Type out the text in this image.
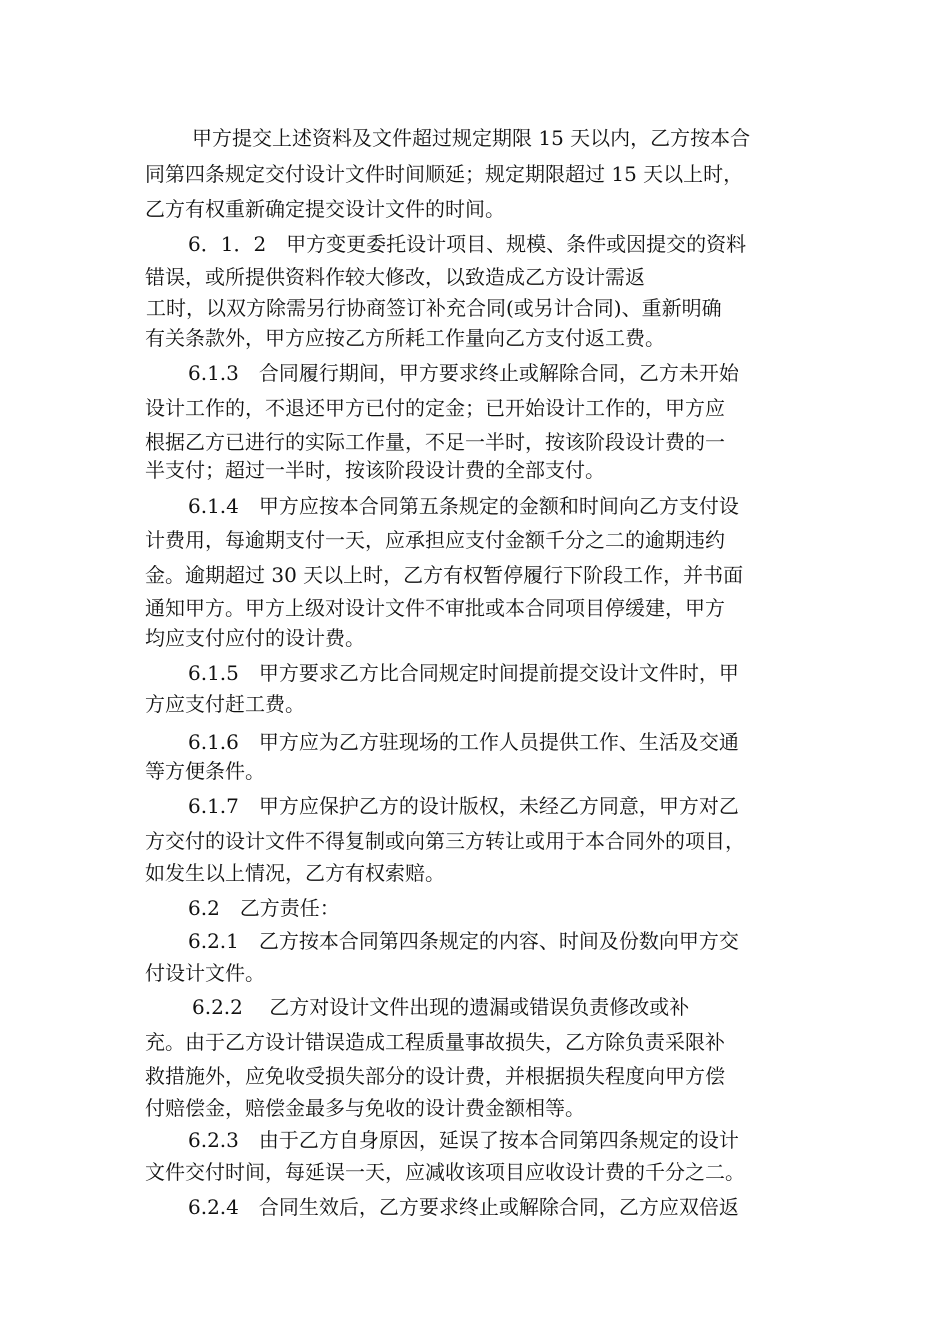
甲方提交上述资料及文件超过规定期限 15 天以内，乙方按本合
同第四条规定交付设计文件时间顺延；规定期限超过 15 天以上时，
乙方有权重新确定提交设计文件的时间。
6．1．2　甲方变更委托设计项目、规模、条件或因提交的资料
错误，或所提供资料作较大修改，以致造成乙方设计需返
工时，以双方除需另行协商签订补充合同(或另计合同)、重新明确
有关条款外，甲方应按乙方所耗工作量向乙方支付返工费。
6.1.3　合同履行期间，甲方要求终止或解除合同，乙方未开始
设计工作的，不退还甲方已付的定金；已开始设计工作的，甲方应
根据乙方已进行的实际工作量，不足一半时，按该阶段设计费的一
半支付；超过一半时，按该阶段设计费的全部支付。
6.1.4　甲方应按本合同第五条规定的金额和时间向乙方支付设
计费用，每逾期支付一天，应承担应支付金额千分之二的逾期违约
金。逾期超过 30 天以上时，乙方有权暂停履行下阶段工作，并书面
通知甲方。甲方上级对设计文件不审批或本合同项目停缓建，甲方
均应支付应付的设计费。
6.1.5　甲方要求乙方比合同规定时间提前提交设计文件时，甲
方应支付赶工费。
6.1.6　甲方应为乙方驻现场的工作人员提供工作、生活及交通
等方便条件。
6.1.7　甲方应保护乙方的设计版权，未经乙方同意，甲方对乙
方交付的设计文件不得复制或向第三方转让或用于本合同外的项目，
如发生以上情况，乙方有权索赔。
6.2　乙方责任：
6.2.1　乙方按本合同第四条规定的内容、时间及份数向甲方交
付设计文件。
6.2.2　 乙方对设计文件出现的遗漏或错误负责修改或补
充。由于乙方设计错误造成工程质量事故损失，乙方除负责采限补
救措施外，应免收受损失部分的设计费，并根据损失程度向甲方偿
付赔偿金，赔偿金最多与免收的设计费金额相等。
6.2.3　由于乙方自身原因，延误了按本合同第四条规定的设计
文件交付时间，每延误一天，应减收该项目应收设计费的千分之二。
6.2.4　合同生效后，乙方要求终止或解除合同，乙方应双倍返
